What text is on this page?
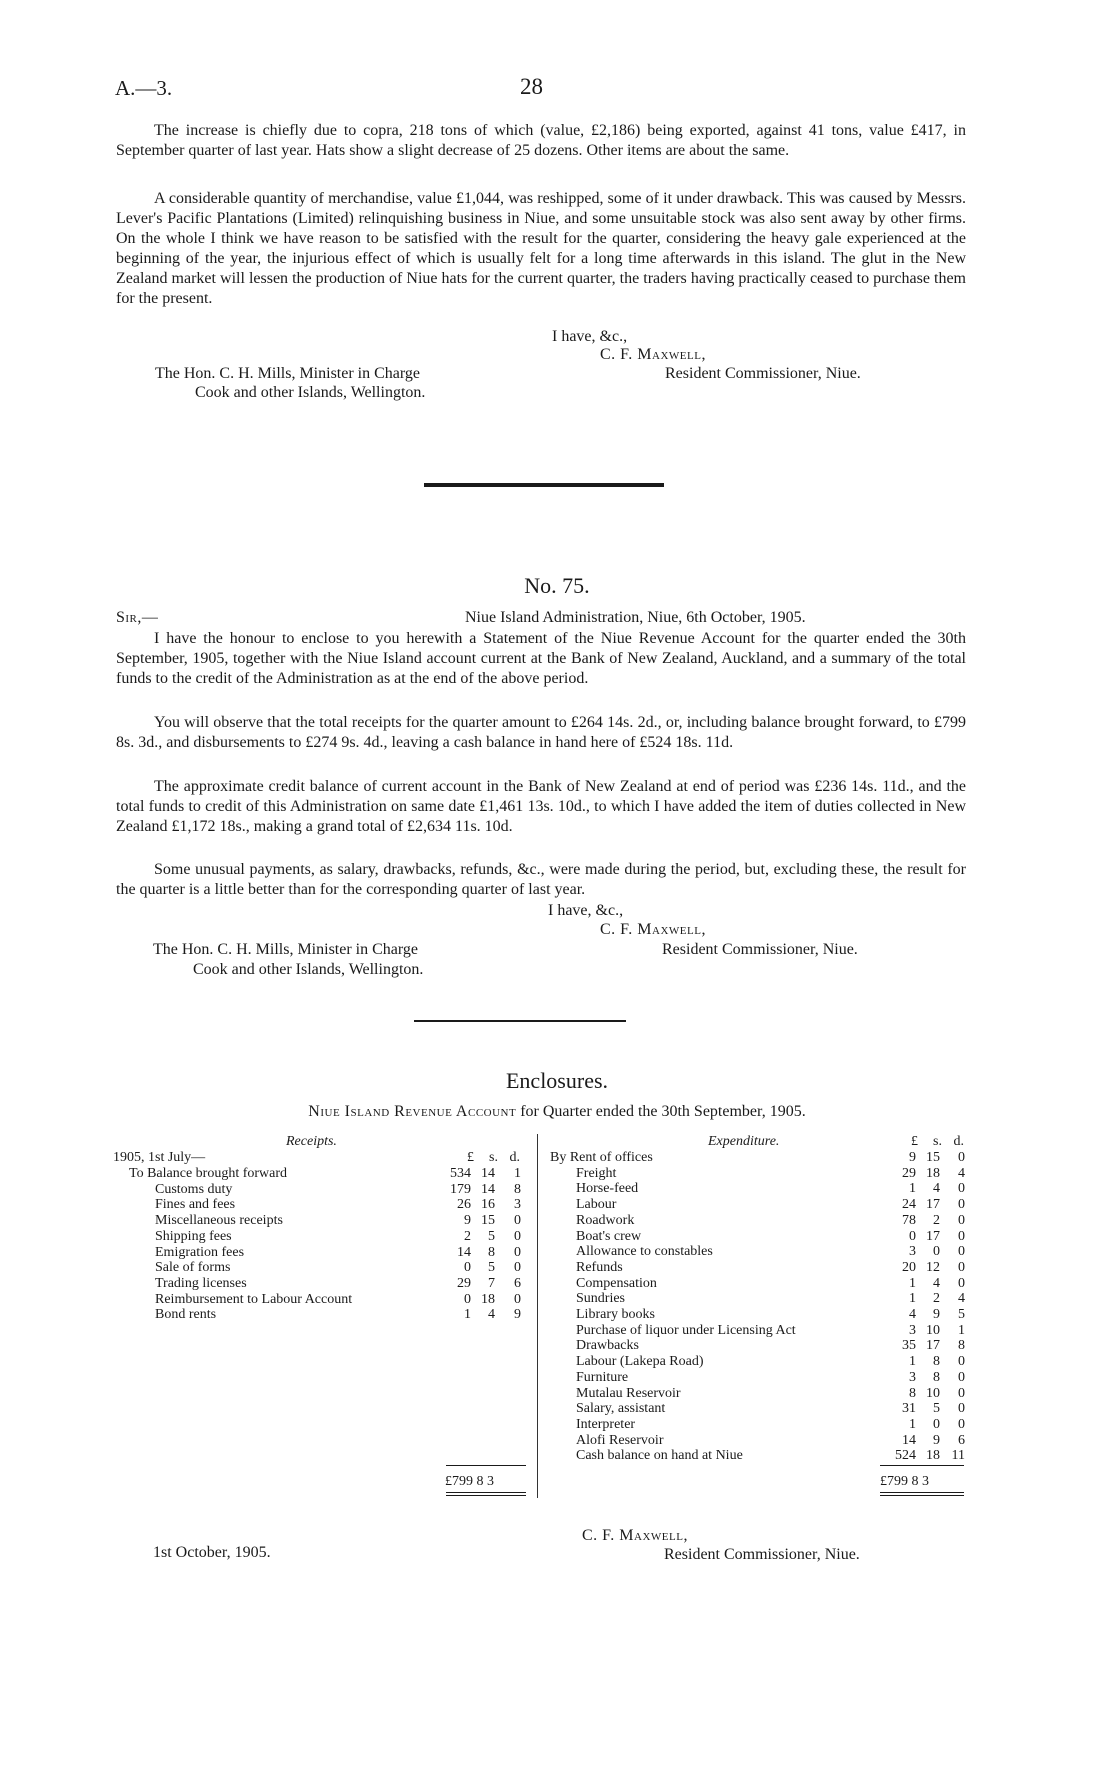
A.—3.	28

The increase is chiefly due to copra, 218 tons of which (value, £2,186) being exported, against 41 tons, value £417, in September quarter of last year. Hats show a slight decrease of 25 dozens. Other items are about the same.

A considerable quantity of merchandise, value £1,044, was reshipped, some of it under drawback. This was caused by Messrs. Lever's Pacific Plantations (Limited) relinquishing business in Niue, and some unsuitable stock was also sent away by other firms. On the whole I think we have reason to be satisfied with the result for the quarter, considering the heavy gale experienced at the beginning of the year, the injurious effect of which is usually felt for a long time afterwards in this island. The glut in the New Zealand market will lessen the production of Niue hats for the current quarter, the traders having practically ceased to purchase them for the present.

I have, &c.,
C. F. Maxwell,
Resident Commissioner, Niue.
The Hon. C. H. Mills, Minister in Charge
Cook and other Islands, Wellington.
No. 75.
Sir,—	Niue Island Administration, Niue, 6th October, 1905.

I have the honour to enclose to you herewith a Statement of the Niue Revenue Account for the quarter ended the 30th September, 1905, together with the Niue Island account current at the Bank of New Zealand, Auckland, and a summary of the total funds to the credit of the Administration as at the end of the above period.

You will observe that the total receipts for the quarter amount to £264 14s. 2d., or, including balance brought forward, to £799 8s. 3d., and disbursements to £274 9s. 4d., leaving a cash balance in hand here of £524 18s. 11d.

The approximate credit balance of current account in the Bank of New Zealand at end of period was £236 14s. 11d., and the total funds to credit of this Administration on same date £1,461 13s. 10d., to which I have added the item of duties collected in New Zealand £1,172 18s., making a grand total of £2,634 11s. 10d.

Some unusual payments, as salary, drawbacks, refunds, &c., were made during the period, but, excluding these, the result for the quarter is a little better than for the corresponding quarter of last year.

I have, &c.,
C. F. Maxwell,
Resident Commissioner, Niue.
The Hon. C. H. Mills, Minister in Charge
Cook and other Islands, Wellington.
Enclosures.
Niue Island Revenue Account for Quarter ended the 30th September, 1905.
Receipts.	Expenditure.
£	s. d.
£	s. d.
1905, 1st July—
To Balance brought forward	534 14	1
Customs duty	179 14	8
Fines and fees	26 16	3
Miscellaneous receipts	9 15	0
Shipping fees	2	5	0
Emigration fees	14	8	0
Sale of forms	0	5	0
Trading licenses	29	7	6
Reimbursement to Labour Account	0 18	0
Bond rents	1	4	9
By Rent of offices	9 15	0
Freight	29 18	4
Horse-feed	1	4	0
Labour	24 17	0
Roadwork	78	2	0
Boat's crew	0 17	0
Allowance to constables	3	0	0
Refunds	20 12	0
Compensation	1	4	0
Sundries	1	2	4
Library books	4	9	5
Purchase of liquor under Licensing Act	3 10	1
Drawbacks	35 17	8
Labour (Lakepa Road)	1	8	0
Furniture	3	8	0
Mutalau Reservoir	8 10	0
Salary, assistant	31	5	0
Interpreter	1	0	0
Alofi Reservoir	14	9	6
Cash balance on hand at Niue	524 18 11
£799 8 3	£799 8 3
C. F. Maxwell,
Resident Commissioner, Niue.
1st October, 1905.
